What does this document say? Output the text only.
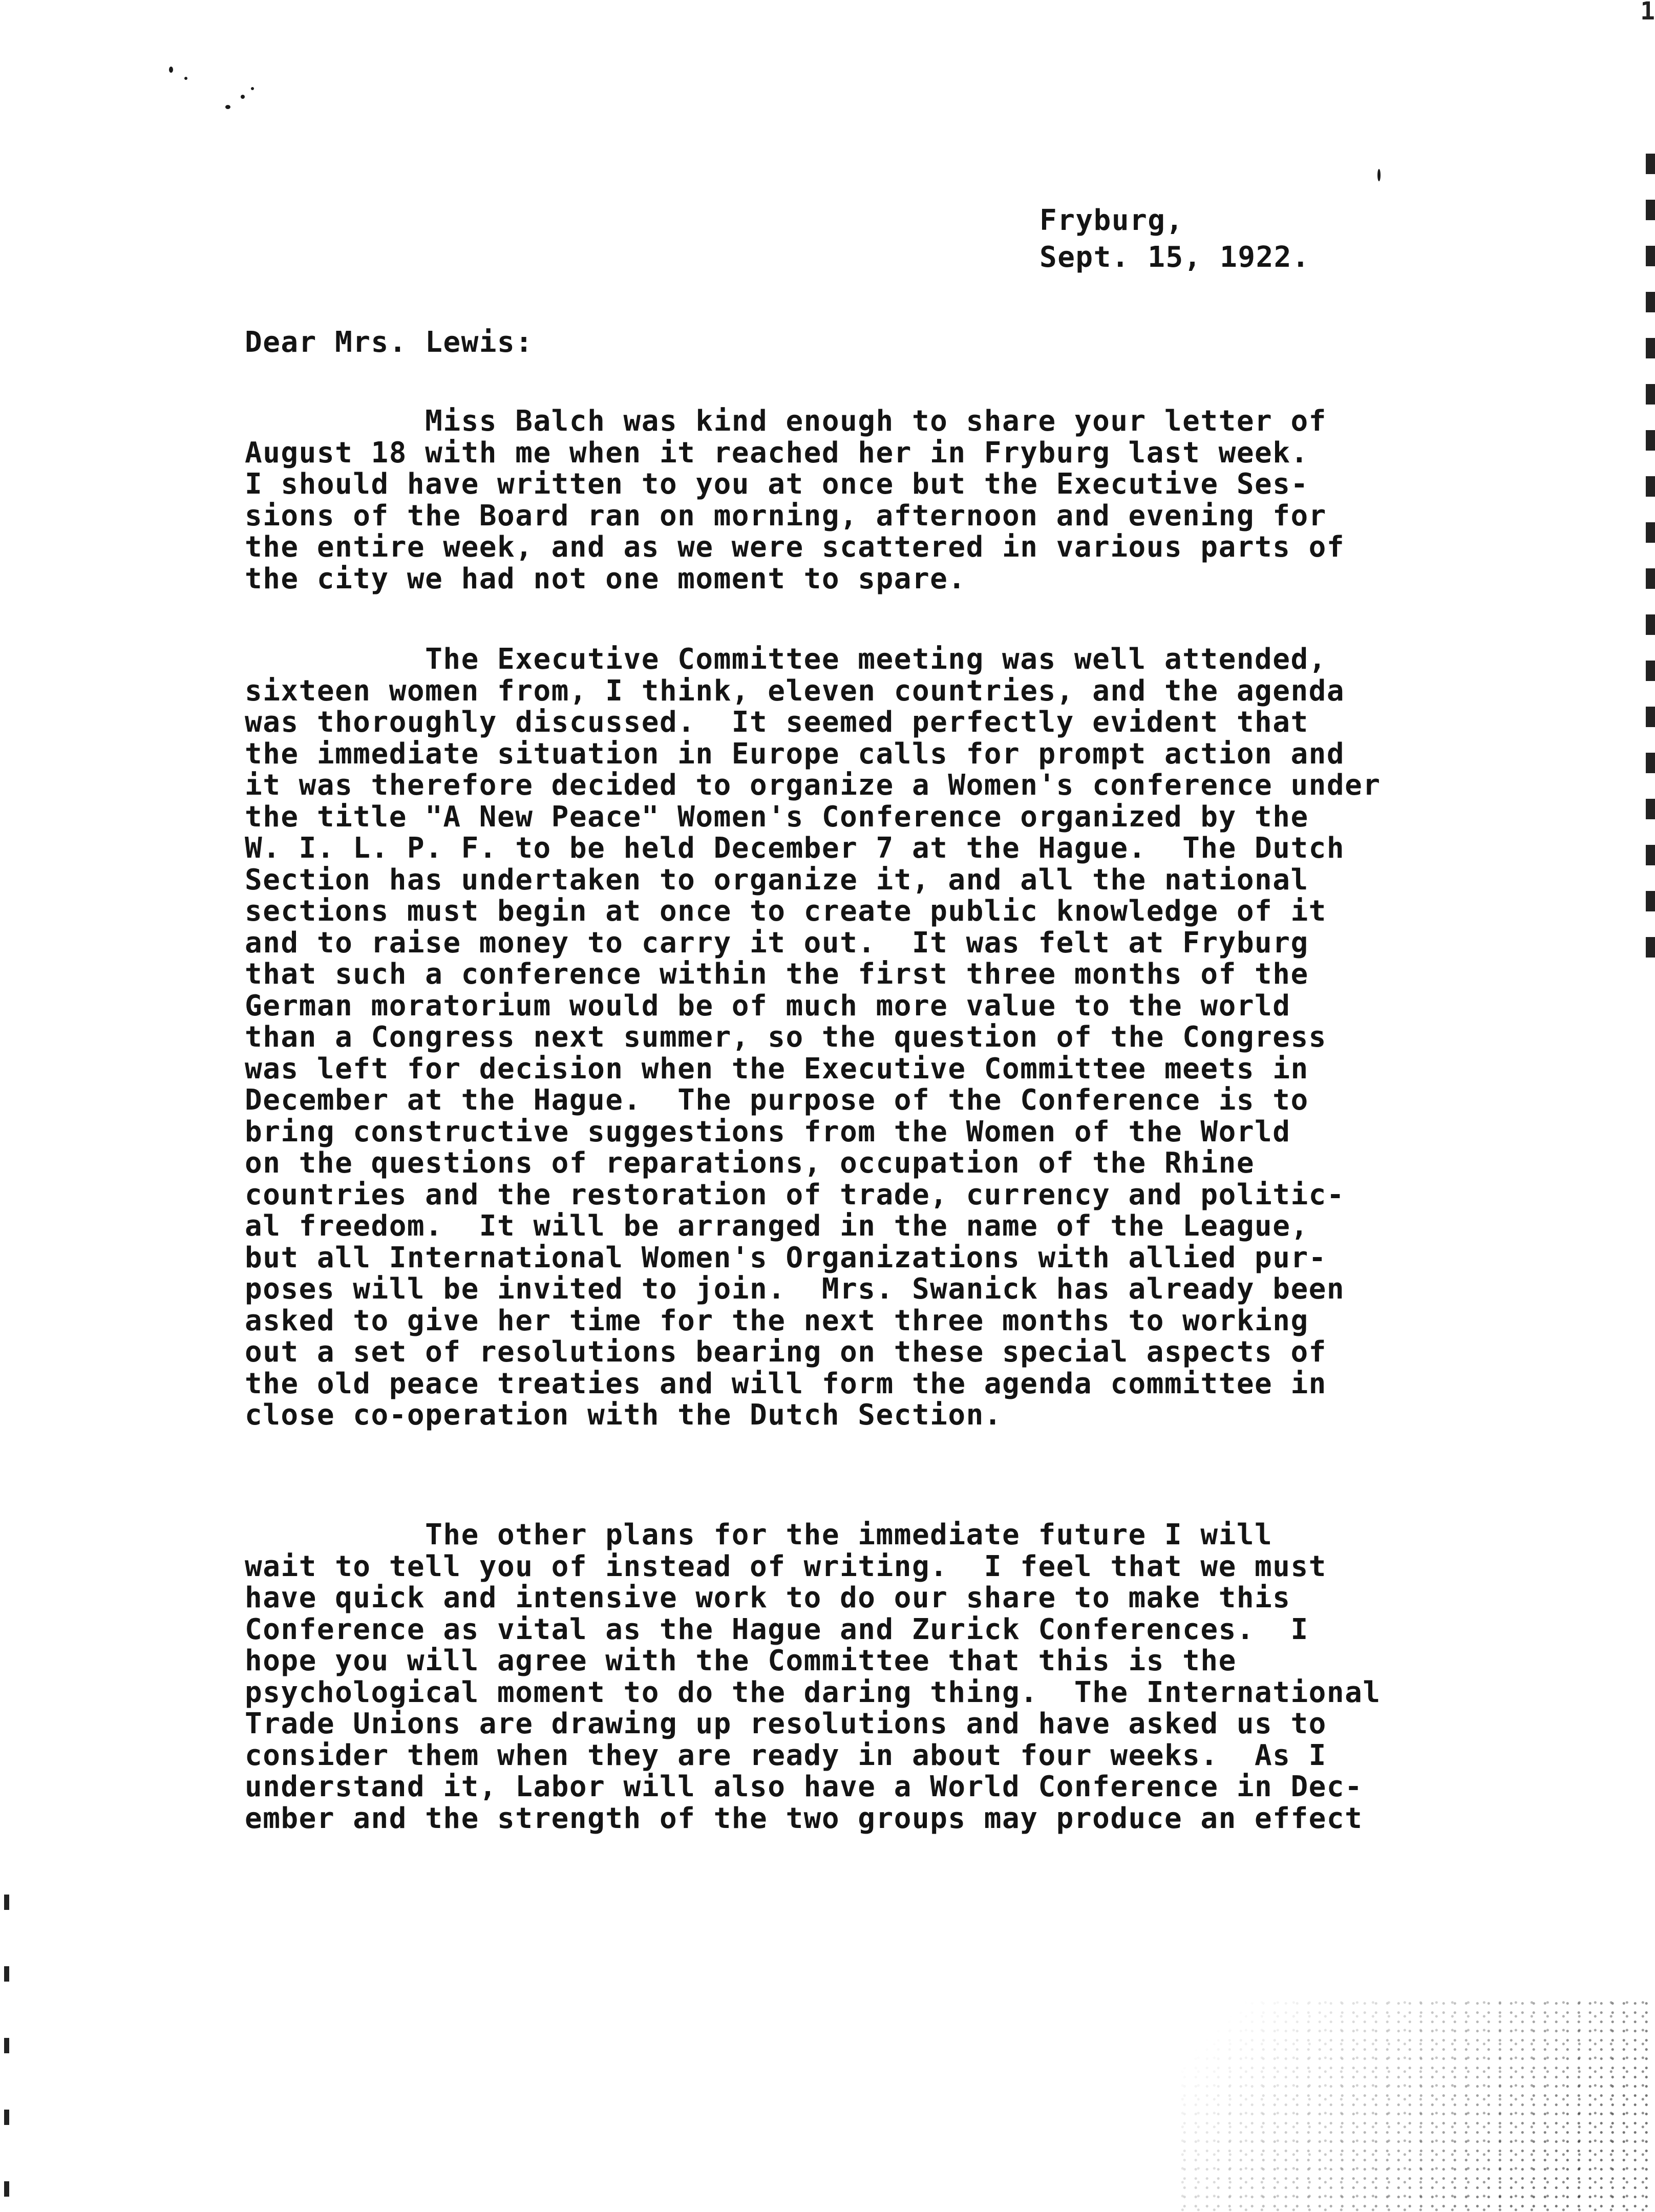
1
Fryburg,
Sept. 15, 1922.
Dear Mrs. Lewis:
Miss Balch was kind enough to share your letter of
August 18 with me when it reached her in Fryburg last week.
I should have written to you at once but the Executive Ses-
sions of the Board ran on morning, afternoon and evening for
the entire week, and as we were scattered in various parts of
the city we had not one moment to spare.
The Executive Committee meeting was well attended,
sixteen women from, I think, eleven countries, and the agenda
was thoroughly discussed.  It seemed perfectly evident that
the immediate situation in Europe calls for prompt action and
it was therefore decided to organize a Women's conference under
the title "A New Peace" Women's Conference organized by the
W. I. L. P. F. to be held December 7 at the Hague.  The Dutch
Section has undertaken to organize it, and all the national
sections must begin at once to create public knowledge of it
and to raise money to carry it out.  It was felt at Fryburg
that such a conference within the first three months of the
German moratorium would be of much more value to the world
than a Congress next summer, so the question of the Congress
was left for decision when the Executive Committee meets in
December at the Hague.  The purpose of the Conference is to
bring constructive suggestions from the Women of the World
on the questions of reparations, occupation of the Rhine
countries and the restoration of trade, currency and politic-
al freedom.  It will be arranged in the name of the League,
but all International Women's Organizations with allied pur-
poses will be invited to join.  Mrs. Swanick has already been
asked to give her time for the next three months to working
out a set of resolutions bearing on these special aspects of
the old peace treaties and will form the agenda committee in
close co-operation with the Dutch Section.
The other plans for the immediate future I will
wait to tell you of instead of writing.  I feel that we must
have quick and intensive work to do our share to make this
Conference as vital as the Hague and Zurick Conferences.  I
hope you will agree with the Committee that this is the
psychological moment to do the daring thing.  The International
Trade Unions are drawing up resolutions and have asked us to
consider them when they are ready in about four weeks.  As I
understand it, Labor will also have a World Conference in Dec-
ember and the strength of the two groups may produce an effect
